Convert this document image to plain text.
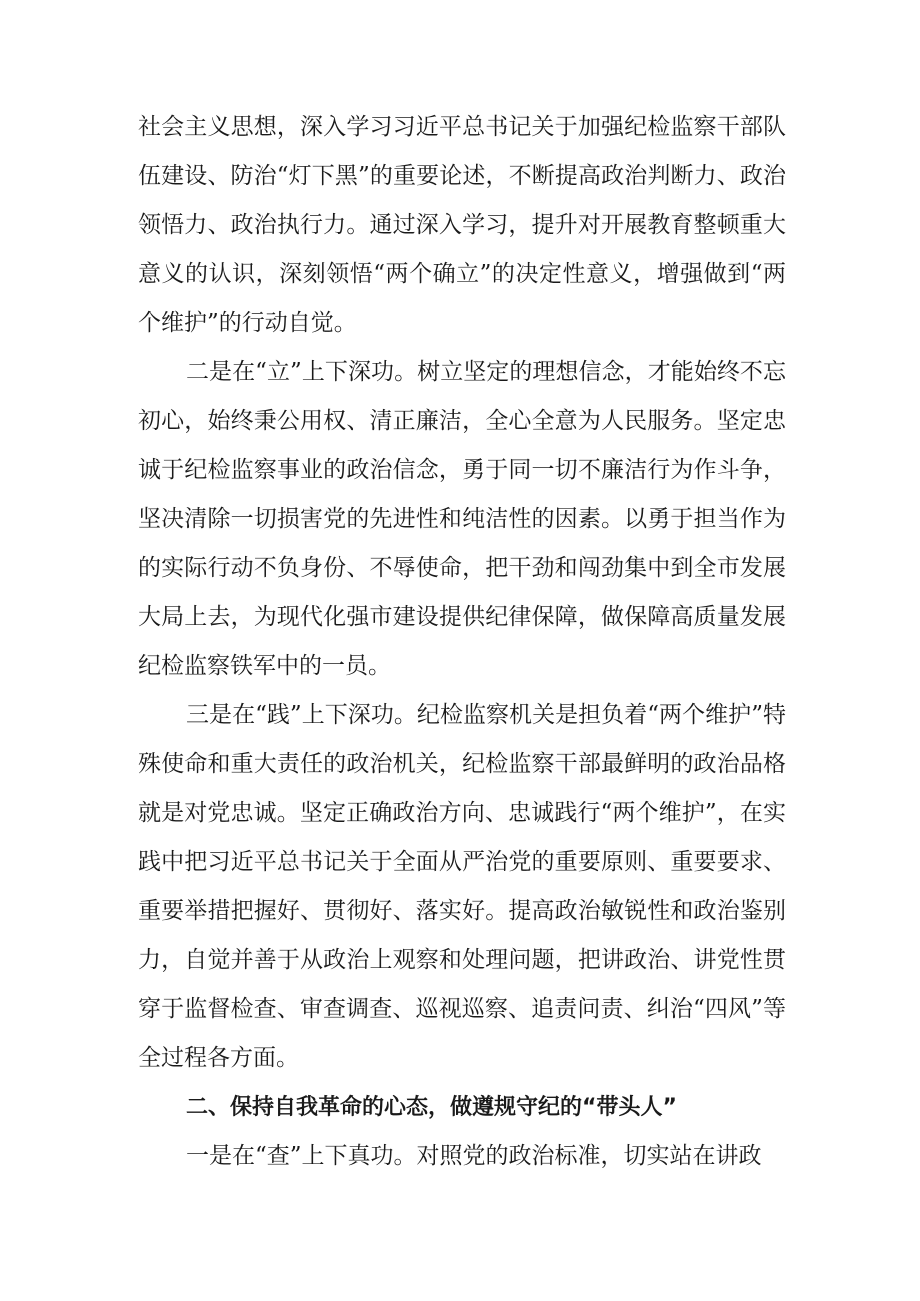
社会主义思想，深入学习习近平总书记关于加强纪检监察干部队伍建设、防治“灯下黑”的重要论述，不断提高政治判断力、政治领悟力、政治执行力。通过深入学习，提升对开展教育整顿重大意义的认识，深刻领悟“两个确立”的决定性意义，增强做到“两个维护”的行动自觉。

二是在“立”上下深功。树立坚定的理想信念，才能始终不忘初心，始终秉公用权、清正廉洁，全心全意为人民服务。坚定忠诚于纪检监察事业的政治信念，勇于同一切不廉洁行为作斗争，坚决清除一切损害党的先进性和纯洁性的因素。以勇于担当作为的实际行动不负身份、不辱使命，把干劲和闯劲集中到全市发展大局上去，为现代化强市建设提供纪律保障，做保障高质量发展纪检监察铁军中的一员。

三是在“践”上下深功。纪检监察机关是担负着“两个维护”特殊使命和重大责任的政治机关，纪检监察干部最鲜明的政治品格就是对党忠诚。坚定正确政治方向、忠诚践行“两个维护”，在实践中把习近平总书记关于全面从严治党的重要原则、重要要求、重要举措把握好、贯彻好、落实好。提高政治敏锐性和政治鉴别力，自觉并善于从政治上观察和处理问题，把讲政治、讲党性贯穿于监督检查、审查调查、巡视巡察、追责问责、纠治“四风”等全过程各方面。

二、保持自我革命的心态，做遵规守纪的“带头人”

一是在“查”上下真功。对照党的政治标准，切实站在讲政
